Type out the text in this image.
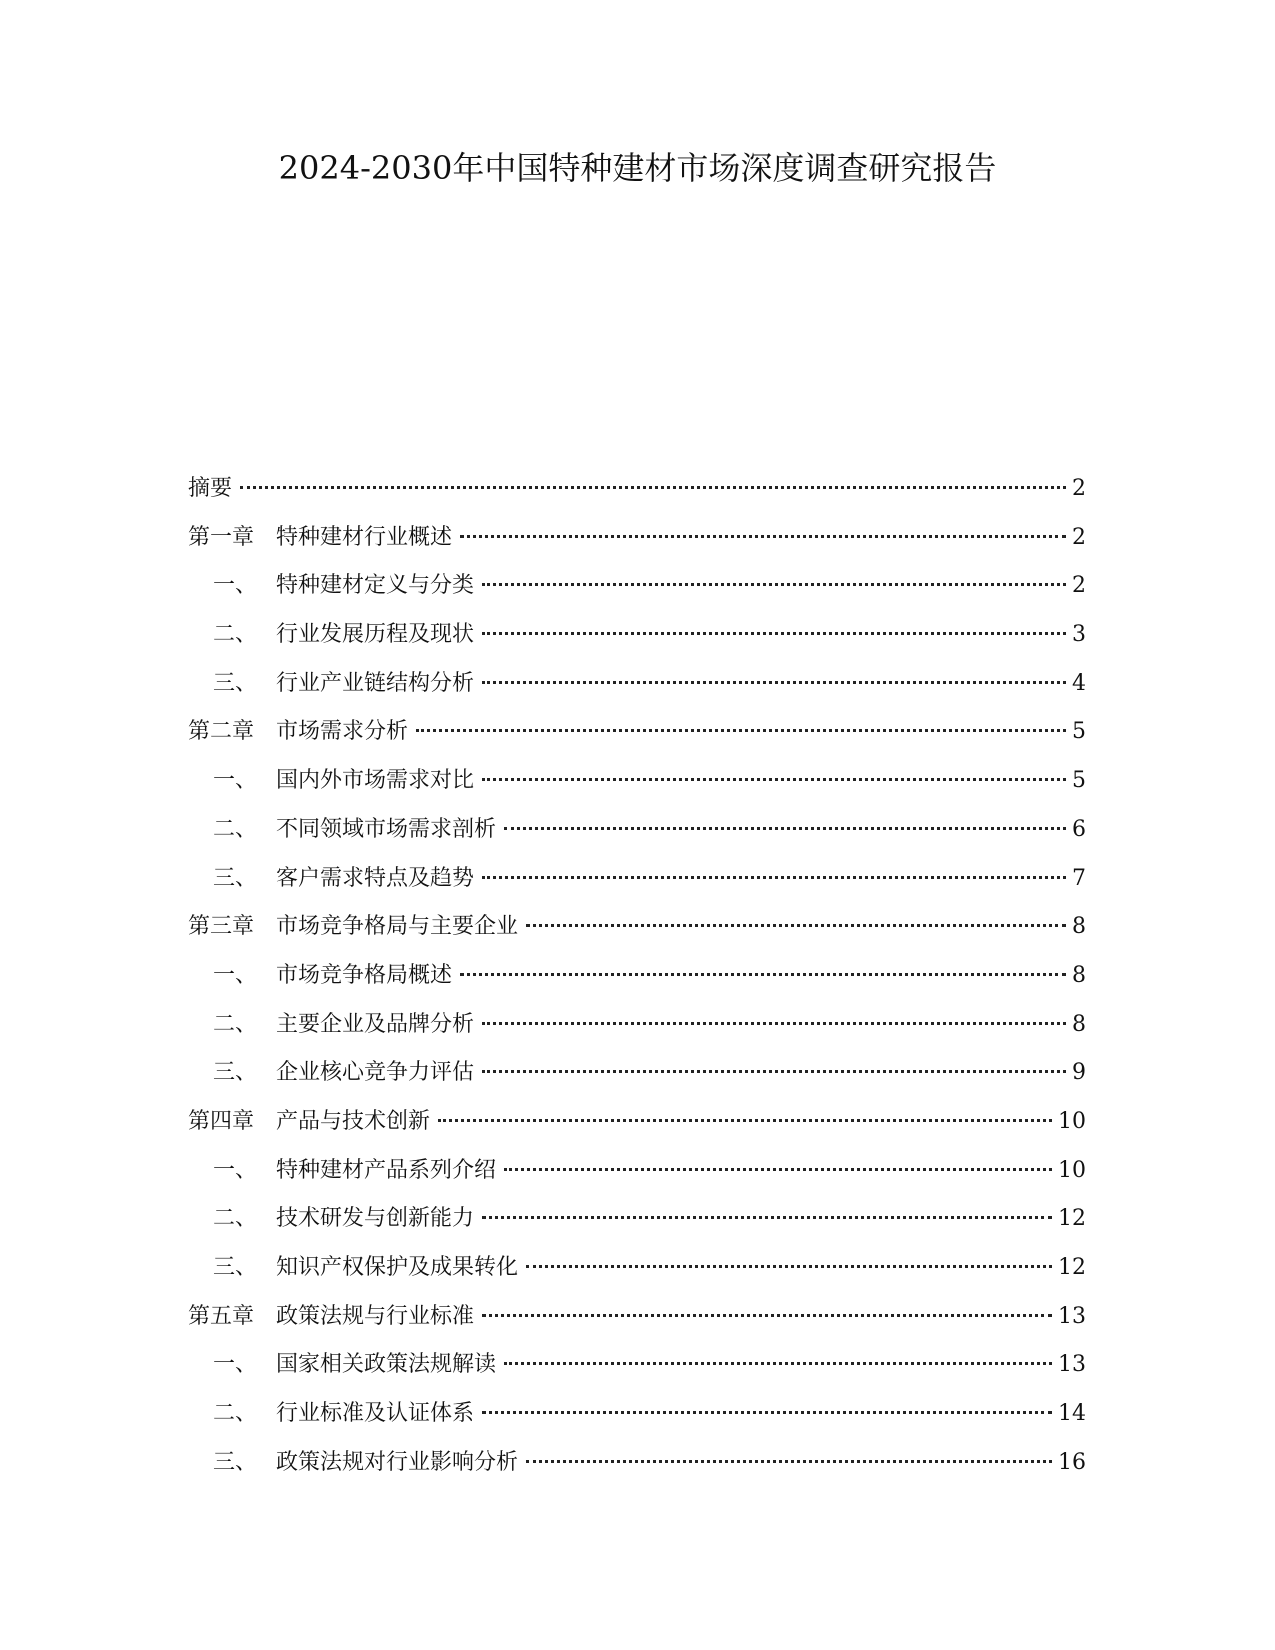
2024-2030年中国特种建材市场深度调查研究报告
摘要	2
第一章 特种建材行业概述	2
一、 特种建材定义与分类	2
二、 行业发展历程及现状	3
三、 行业产业链结构分析	4
第二章 市场需求分析	5
一、 国内外市场需求对比	5
二、 不同领域市场需求剖析	6
三、 客户需求特点及趋势	7
第三章 市场竞争格局与主要企业	8
一、 市场竞争格局概述	8
二、 主要企业及品牌分析	8
三、 企业核心竞争力评估	9
第四章 产品与技术创新	10
一、 特种建材产品系列介绍	10
二、 技术研发与创新能力	12
三、 知识产权保护及成果转化	12
第五章 政策法规与行业标准	13
一、 国家相关政策法规解读	13
二、 行业标准及认证体系	14
三、 政策法规对行业影响分析	16
